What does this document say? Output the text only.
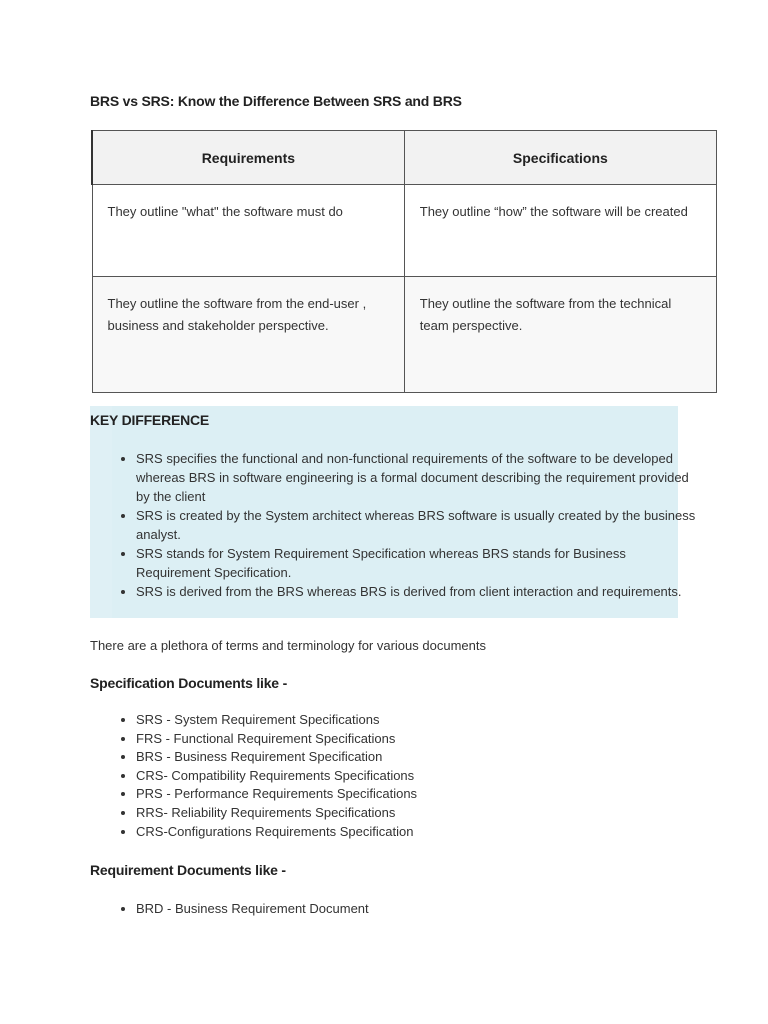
BRS vs SRS: Know the Difference Between SRS and BRS
Requirements	Specifications
They outline "what" the software must do	They outline “how” the software will be created
They outline the software from the end-user , business and stakeholder perspective.	They outline the software from the technical team perspective.
KEY DIFFERENCE
• SRS specifies the functional and non-functional requirements of the software to be developed whereas BRS in software engineering is a formal document describing the requirement provided by the client
• SRS is created by the System architect whereas BRS software is usually created by the business analyst.
• SRS stands for System Requirement Specification whereas BRS stands for Business Requirement Specification.
• SRS is derived from the BRS whereas BRS is derived from client interaction and requirements.

There are a plethora of terms and terminology for various documents

Specification Documents like -
• SRS - System Requirement Specifications
• FRS - Functional Requirement Specifications
• BRS - Business Requirement Specification
• CRS- Compatibility Requirements Specifications
• PRS - Performance Requirements Specifications
• RRS- Reliability Requirements Specifications
• CRS-Configurations Requirements Specification
Requirement Documents like -
• BRD - Business Requirement Document
